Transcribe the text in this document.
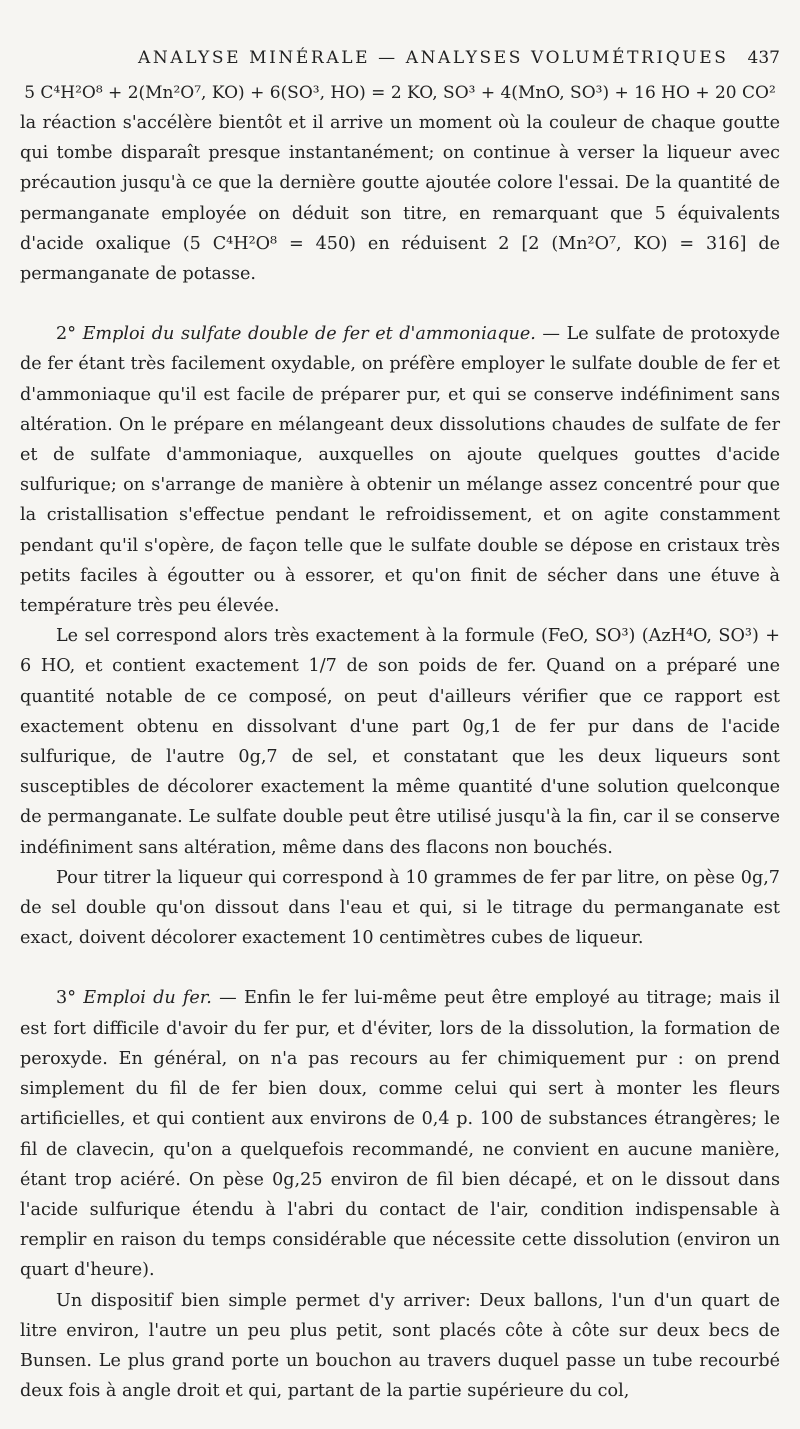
ANALYSE MINÉRALE — ANALYSES VOLUMÉTRIQUES 437
5 C⁴H²O⁸ + 2(Mn²O⁷, KO) + 6(SO³, HO) = 2 KO, SO³ + 4(MnO, SO³) + 16 HO + 20 CO²

la réaction s'accélère bientôt et il arrive un moment où la couleur de chaque goutte qui tombe disparaît presque instantanément; on continue à verser la liqueur avec précaution jusqu'à ce que la dernière goutte ajoutée colore l'essai. De la quantité de permanganate employée on déduit son titre, en remarquant que 5 équivalents d'acide oxalique (5 C⁴H²O⁸ = 450) en réduisent 2 [2 (Mn²O⁷, KO) = 316] de permanganate de potasse.

2° Emploi du sulfate double de fer et d'ammoniaque. — Le sulfate de protoxyde de fer étant très facilement oxydable, on préfère employer le sulfate double de fer et d'ammoniaque qu'il est facile de préparer pur, et qui se conserve indéfiniment sans altération. On le prépare en mélangeant deux dissolutions chaudes de sulfate de fer et de sulfate d'ammoniaque, auxquelles on ajoute quelques gouttes d'acide sulfurique; on s'arrange de manière à obtenir un mélange assez concentré pour que la cristallisation s'effectue pendant le refroidissement, et on agite constamment pendant qu'il s'opère, de façon telle que le sulfate double se dépose en cristaux très petits faciles à égoutter ou à essorer, et qu'on finit de sécher dans une étuve à température très peu élevée.

Le sel correspond alors très exactement à la formule (FeO, SO³) (AzH⁴O, SO³) + 6 HO, et contient exactement 1/7 de son poids de fer. Quand on a préparé une quantité notable de ce composé, on peut d'ailleurs vérifier que ce rapport est exactement obtenu en dissolvant d'une part 0g,1 de fer pur dans de l'acide sulfurique, de l'autre 0g,7 de sel, et constatant que les deux liqueurs sont susceptibles de décolorer exactement la même quantité d'une solution quelconque de permanganate. Le sulfate double peut être utilisé jusqu'à la fin, car il se conserve indéfiniment sans altération, même dans des flacons non bouchés.

Pour titrer la liqueur qui correspond à 10 grammes de fer par litre, on pèse 0g,7 de sel double qu'on dissout dans l'eau et qui, si le titrage du permanganate est exact, doivent décolorer exactement 10 centimètres cubes de liqueur.

3° Emploi du fer. — Enfin le fer lui-même peut être employé au titrage; mais il est fort difficile d'avoir du fer pur, et d'éviter, lors de la dissolution, la formation de peroxyde. En général, on n'a pas recours au fer chimiquement pur : on prend simplement du fil de fer bien doux, comme celui qui sert à monter les fleurs artificielles, et qui contient aux environs de 0,4 p. 100 de substances étrangères; le fil de clavecin, qu'on a quelquefois recommandé, ne convient en aucune manière, étant trop aciéré. On pèse 0g,25 environ de fil bien décapé, et on le dissout dans l'acide sulfurique étendu à l'abri du contact de l'air, condition indispensable à remplir en raison du temps considérable que nécessite cette dissolution (environ un quart d'heure).

Un dispositif bien simple permet d'y arriver: Deux ballons, l'un d'un quart de litre environ, l'autre un peu plus petit, sont placés côte à côte sur deux becs de Bunsen. Le plus grand porte un bouchon au travers duquel passe un tube recourbé deux fois à angle droit et qui, partant de la partie supérieure du col,
